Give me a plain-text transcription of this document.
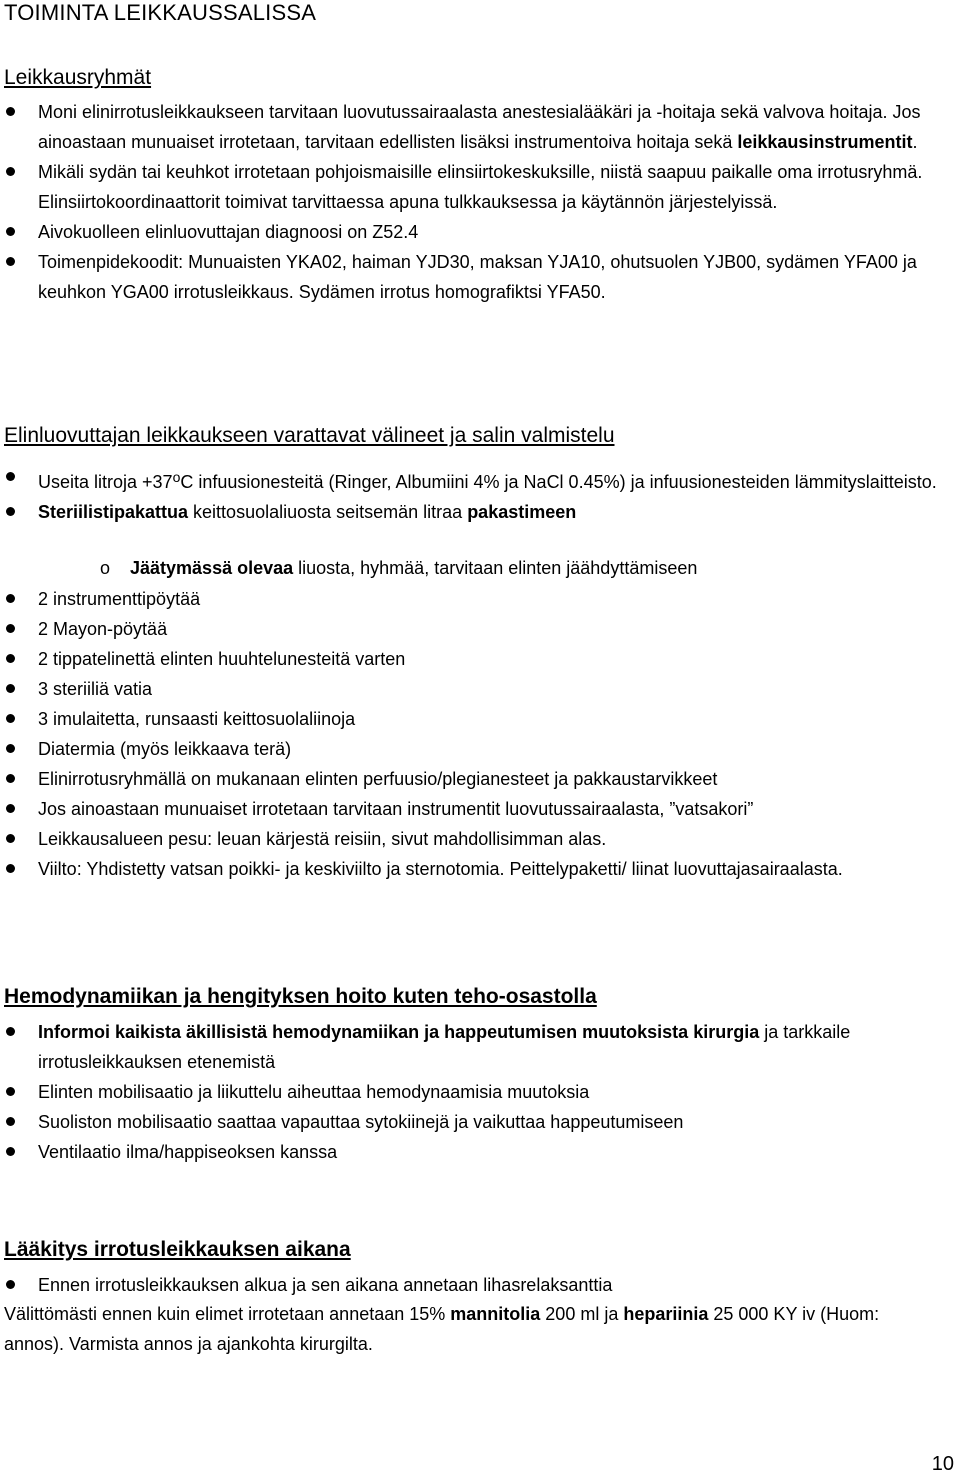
TOIMINTA LEIKKAUSSALISSA
Leikkausryhmät
Moni elinirrotusleikkaukseen tarvitaan luovutussairaalasta anestesialääkäri ja -hoitaja sekä valvova hoitaja. Jos ainoastaan munuaiset irrotetaan, tarvitaan edellisten lisäksi instrumentoiva hoitaja sekä leikkausinstrumentit.
Mikäli sydän tai keuhkot irrotetaan pohjoismaisille elinsiirtokeskuksille, niistä saapuu paikalle oma irrotusryhmä. Elinsiirtokoordinaattorit toimivat tarvittaessa apuna tulkkauksessa ja käytännön järjestelyissä.
Aivokuolleen elinluovuttajan diagnoosi on Z52.4
Toimenpidekoodit: Munuaisten YKA02, haiman YJD30, maksan YJA10, ohutsuolen YJB00, sydämen YFA00 ja keuhkon YGA00 irrotusleikkaus. Sydämen irrotus homografiktsi YFA50.
Elinluovuttajan leikkaukseen varattavat välineet ja salin valmistelu
Useita litroja $+37^oC$ infuusionesteitä (Ringer, Albumiini 4% ja NaCl 0.45%) ja infuusionesteiden lämmityslaitteisto.
Steriilistipakattua keittosuolaliuosta seitsemän litraa pakastimeen
o Jäätymässä olevaa liuosta, hyhmää, tarvitaan elinten jäähdyttämiseen
2 instrumenttipöytää
2 Mayon-pöytää
2 tippatelinettä elinten huuhtelunesteitä varten
3 steriiliä vatia
3 imulaitetta, runsaasti keittosuolaliinoja
Diatermia (myös leikkaava terä)
Elinirrotusryhmällä on mukanaan elinten perfuusio/plegianesteet ja pakkaustarvikkeet
Jos ainoastaan munuaiset irrotetaan tarvitaan instrumentit luovutussairaalasta, ”vatsakori”
Leikkausalueen pesu: leuan kärjestä reisiin, sivut mahdollisimman alas.
Viilto: Yhdistetty vatsan poikki- ja keskiviilto ja sternotomia. Peittelypaketti/ liinat luovuttajasairaalasta.
Hemodynamiikan ja hengityksen hoito kuten teho-osastolla
Informoi kaikista äkillisistä hemodynamiikan ja happeutumisen muutoksista kirurgia ja tarkkaile irrotusleikkauksen etenemistä
Elinten mobilisaatio ja liikuttelu aiheuttaa hemodynaamisia muutoksia
Suoliston mobilisaatio saattaa vapauttaa sytokiinejä ja vaikuttaa happeutumiseen
Ventilaatio ilma/happiseoksen kanssa
Lääkitys irrotusleikkauksen aikana
Ennen irrotusleikkauksen alkua ja sen aikana annetaan lihasrelaksanttia

Välittömästi ennen kuin elimet irrotetaan annetaan 15% mannitolia 200 ml ja hepariinia 25 000 KY iv (Huom: annos). Varmista annos ja ajankohta kirurgilta.

10
